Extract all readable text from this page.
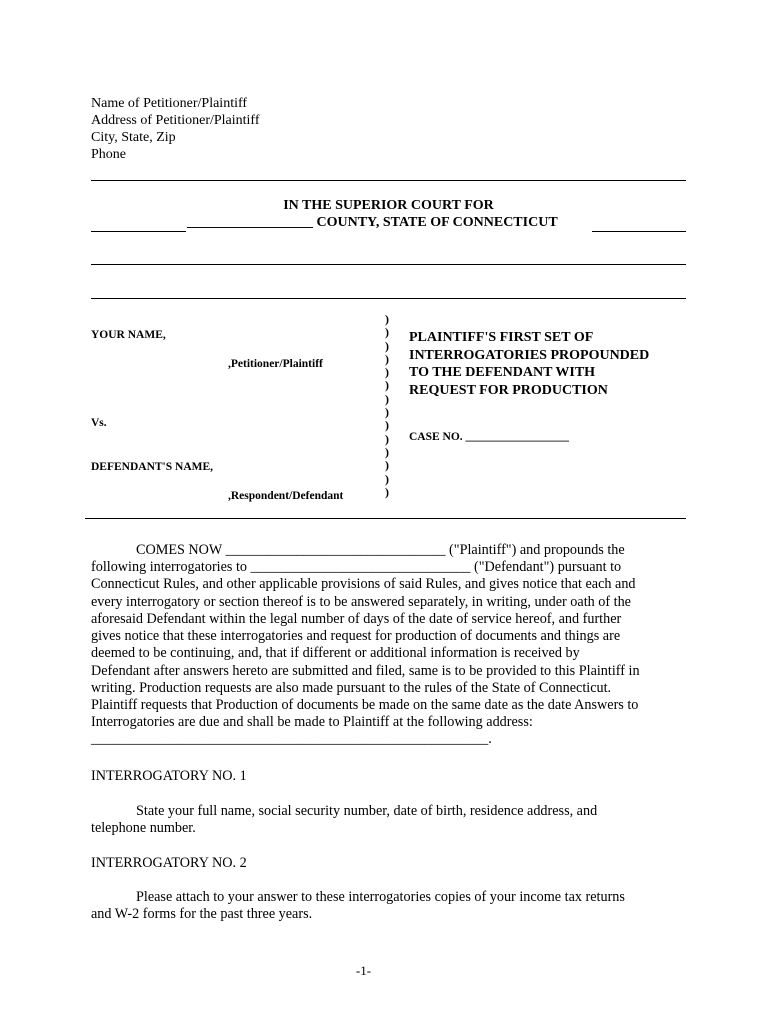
Name of Petitioner/Plaintiff
Address of Petitioner/Plaintiff
City, State, Zip
Phone
IN THE SUPERIOR COURT FOR
__________________ COUNTY, STATE OF CONNECTICUT
YOUR NAME,
,Petitioner/Plaintiff
Vs.
DEFENDANT'S NAME,
,Respondent/Defendant
)
)
)
)
)
)
)
)
)
)
)
)
)
)
PLAINTIFF'S FIRST SET OF
INTERROGATORIES PROPOUNDED
TO THE DEFENDANT WITH
REQUEST FOR PRODUCTION
CASE NO. __________________
COMES NOW _______________________________ ("Plaintiff") and propounds the
following interrogatories to _______________________________ ("Defendant") pursuant to
Connecticut Rules, and other applicable provisions of said Rules, and gives notice that each and
every interrogatory or section thereof is to be answered separately, in writing, under oath of the
aforesaid Defendant within the legal number of days of the date of service hereof, and further
gives notice that these interrogatories and request for production of documents and things are
deemed to be continuing, and, that if different or additional information is received by
Defendant after answers hereto are submitted and filed, same is to be provided to this Plaintiff in
writing. Production requests are also made pursuant to the rules of the State of Connecticut.
Plaintiff requests that Production of documents be made on the same date as the date Answers to
Interrogatories are due and shall be made to Plaintiff at the following address:
________________________________________________________.
INTERROGATORY NO. 1
State your full name, social security number, date of birth, residence address, and
telephone number.
INTERROGATORY NO. 2
Please attach to your answer to these interrogatories copies of your income tax returns
and W-2 forms for the past three years.
-1-
